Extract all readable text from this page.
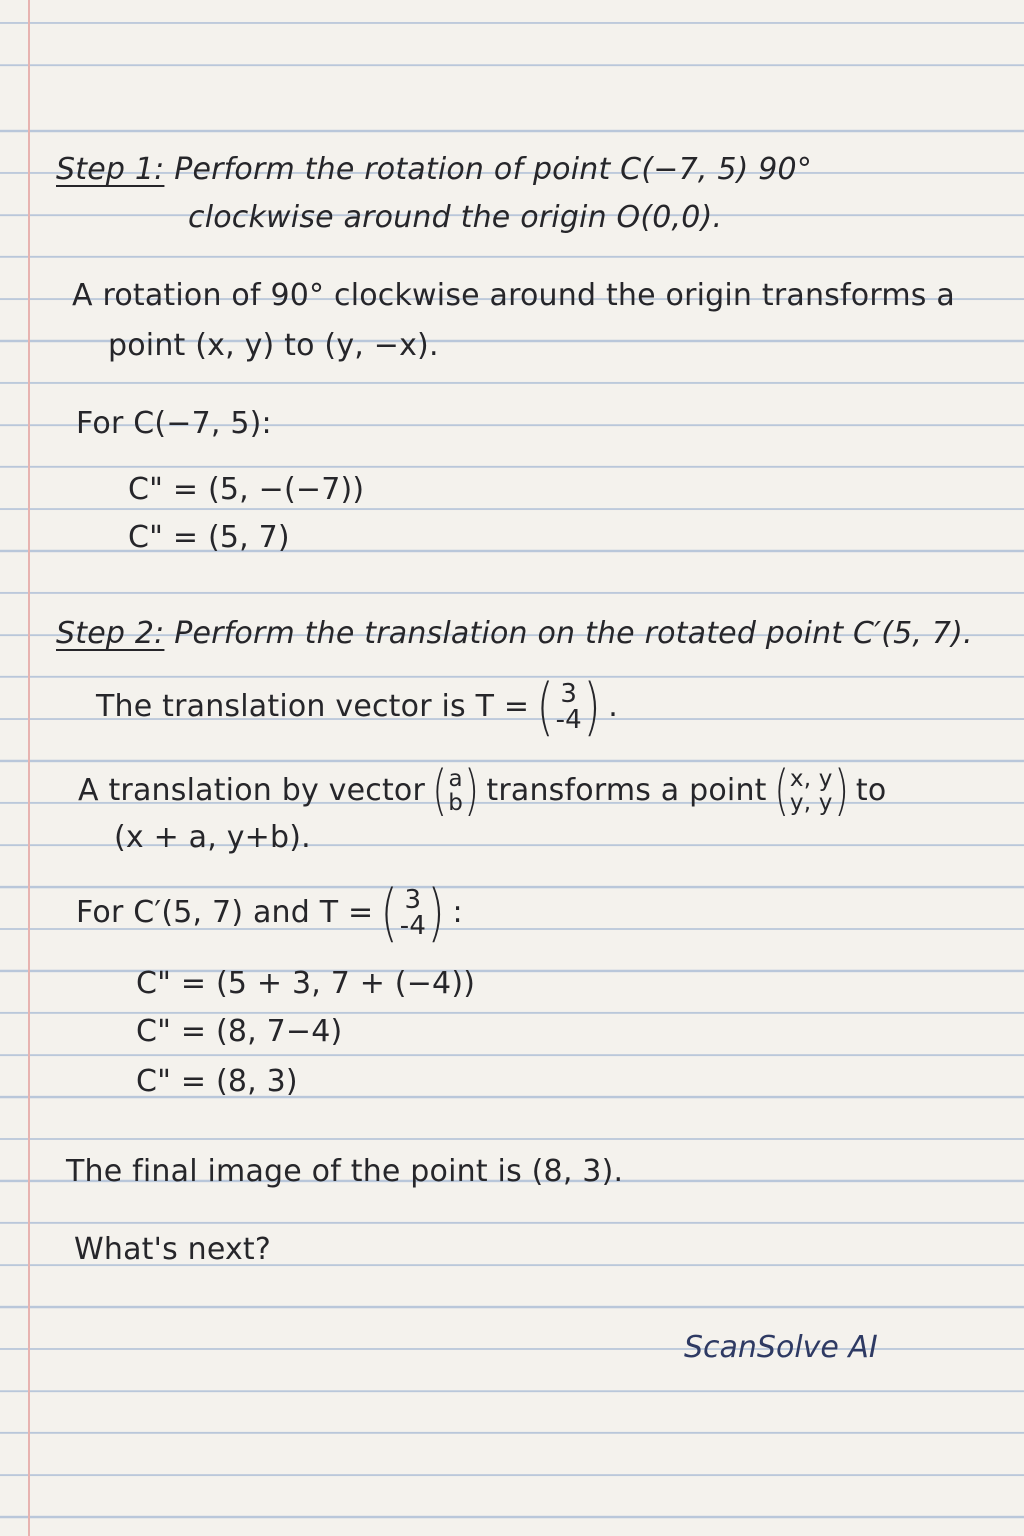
Step 1: Perform the rotation of point C(−7, 5) 90°
clockwise around the origin O(0,0).
A rotation of 90° clockwise around the origin transforms a
point (x, y) to (y, −x).
For C(−7, 5):
C" = (5, −(−7))
C" = (5, 7)
Step 2: Perform the translation on the rotated point C′(5, 7).
The translation vector is T = ( 3
-4 ) .
A translation by vector ( a
b ) transforms a point ( x, y
y, y ) to
(x + a, y+b).
For C′(5, 7) and T = ( 3
-4 ) :
C" = (5 + 3, 7 + (−4))
C" = (8, 7−4)
C" = (8, 3)
The final image of the point is (8, 3).
What's next?
ScanSolve AI
